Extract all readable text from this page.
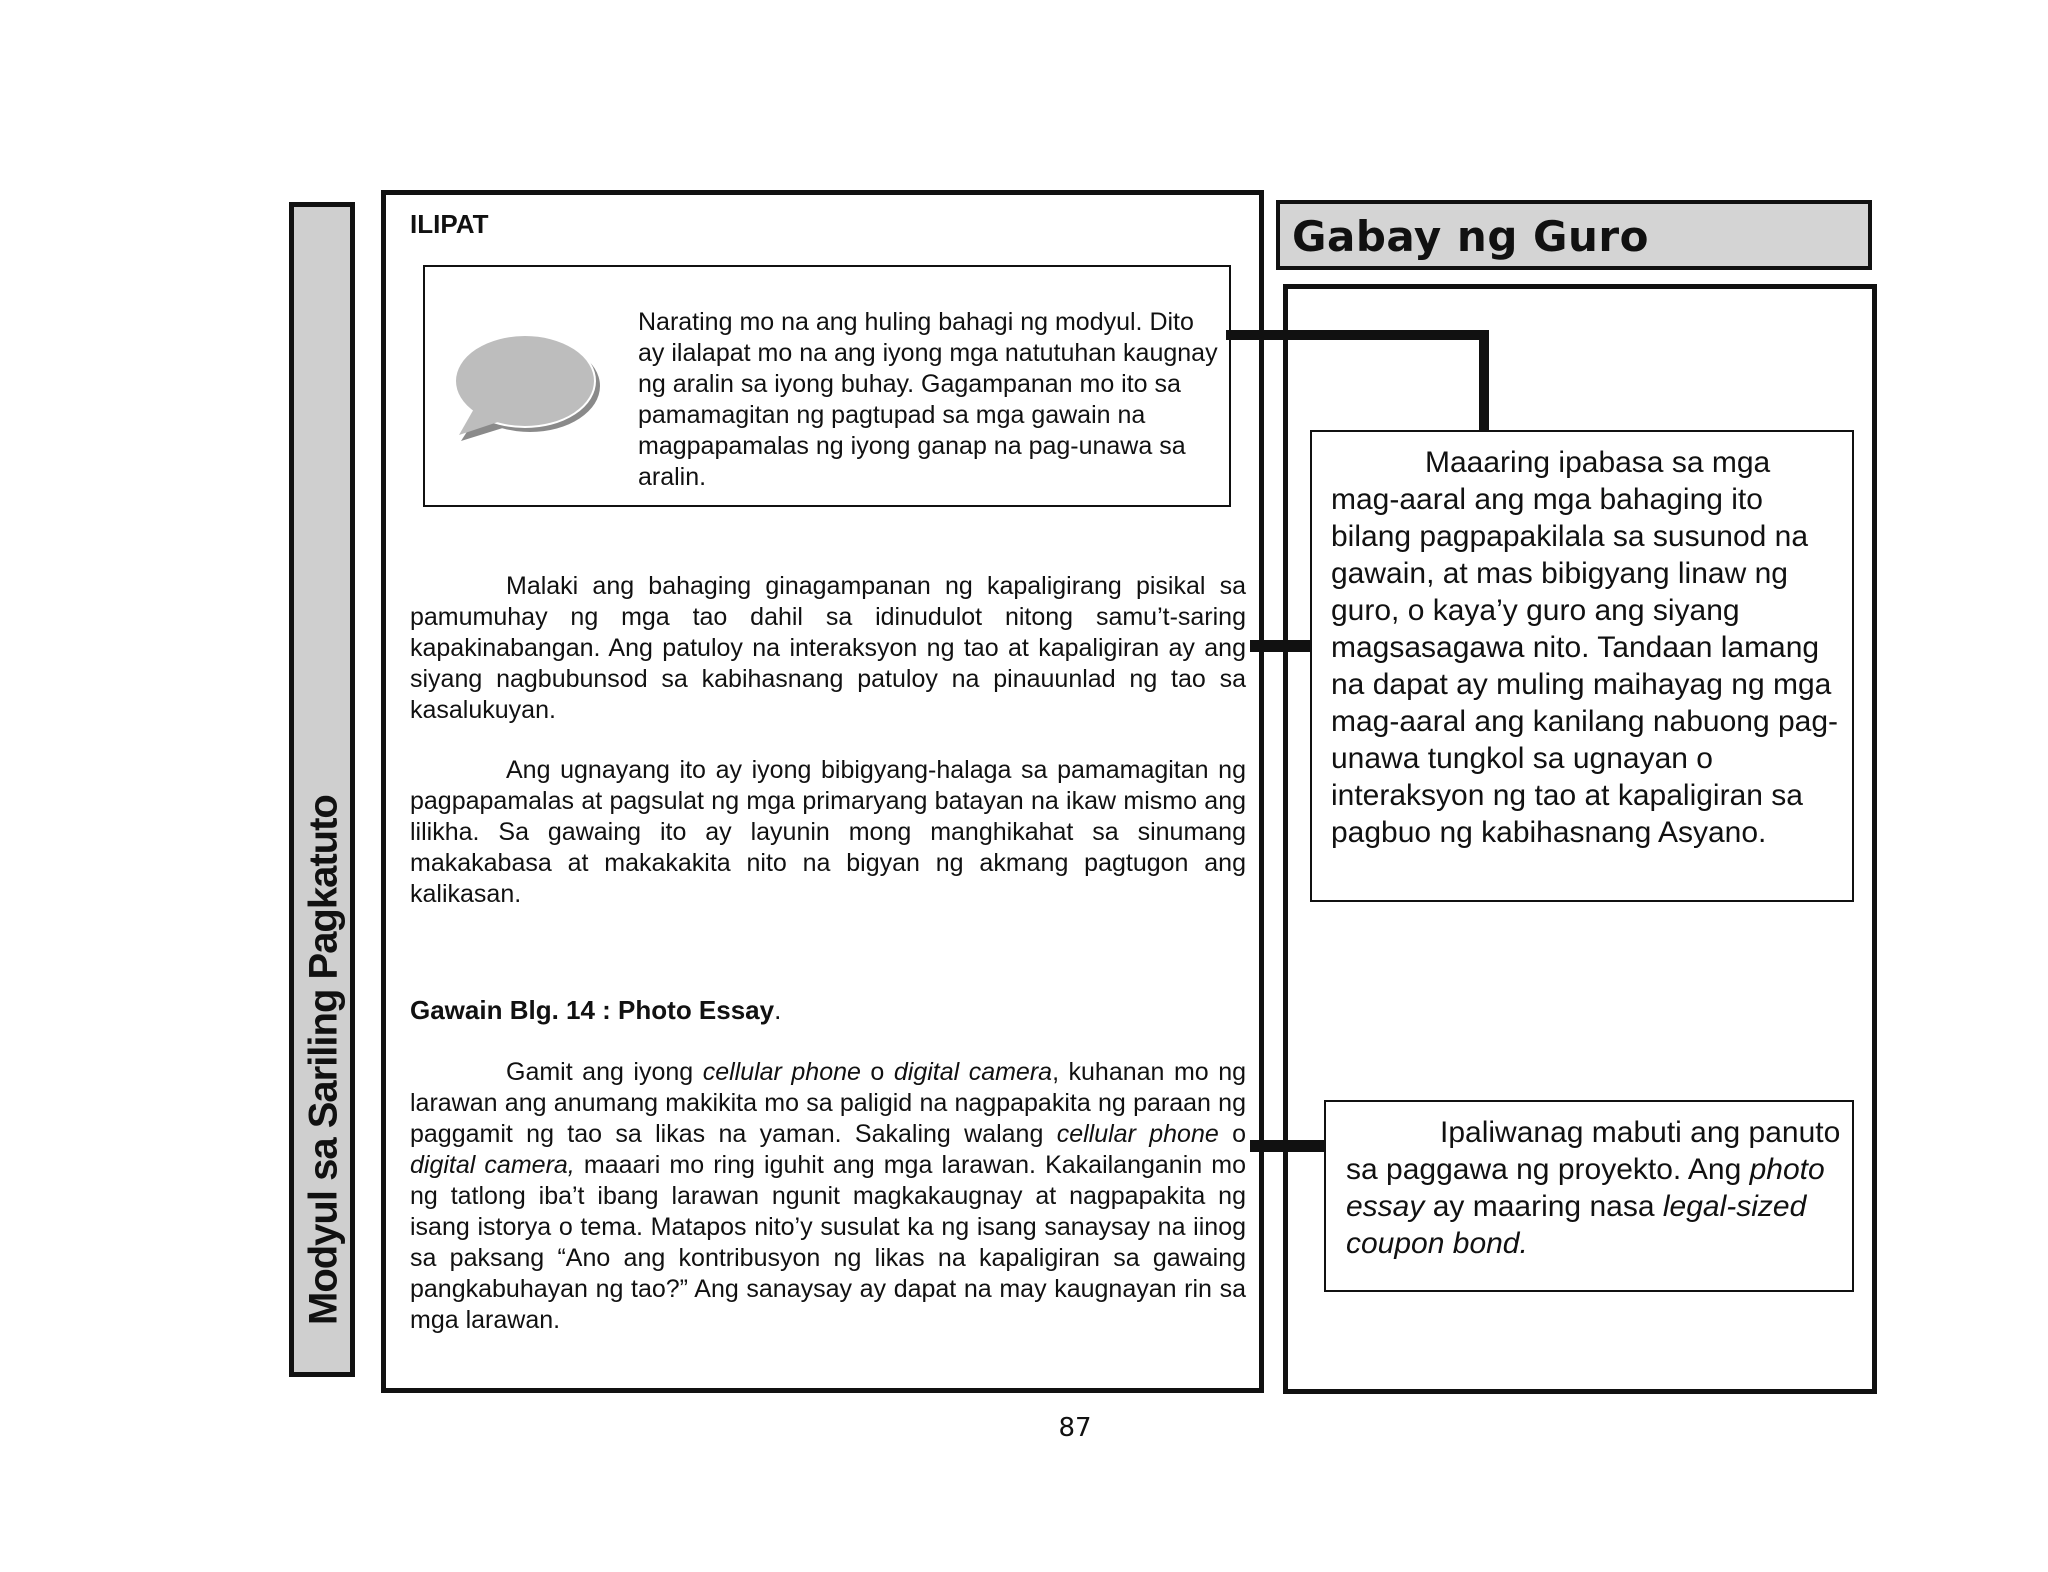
Modyul sa Sariling Pagkatuto
ILIPAT
Narating mo na ang huling bahagi ng modyul. Dito ay ilalapat mo na ang iyong mga natutuhan kaugnay ng aralin sa iyong buhay. Gagampanan mo ito sa pamamagitan ng pagtupad sa mga gawain na magpapamalas ng iyong ganap na pag-unawa sa aralin.

Malaki ang bahaging ginagampanan ng kapaligirang pisikal sa pamumuhay ng mga tao dahil sa idinudulot nitong samu’t-saring kapakinabangan. Ang patuloy na interaksyon ng tao at kapaligiran ay ang siyang nagbubunsod sa kabihasnang patuloy na pinauunlad ng tao sa kasalukuyan.

Ang ugnayang ito ay iyong bibigyang-halaga sa pamamagitan ng pagpapamalas at pagsulat ng mga primaryang batayan na ikaw mismo ang lilikha. Sa gawaing ito ay layunin mong manghikahat sa sinumang makakabasa at makakakita nito na bigyan ng akmang pagtugon ang kalikasan.

Gawain Blg. 14 : Photo Essay.

Gamit ang iyong cellular phone o digital camera, kuhanan mo ng larawan ang anumang makikita mo sa paligid na nagpapakita ng paraan ng paggamit ng tao sa likas na yaman. Sakaling walang cellular phone o digital camera, maaari mo ring iguhit ang mga larawan. Kakailanganin mo ng tatlong iba’t ibang larawan ngunit magkakaugnay at nagpapakita ng isang istorya o tema. Matapos nito’y susulat ka ng isang sanaysay na iinog sa paksang “Ano ang kontribusyon ng likas na kapaligiran sa gawaing pangkabuhayan ng tao?” Ang sanaysay ay dapat na may kaugnayan rin sa mga larawan.

Gabay ng Guro
Maaaring ipabasa sa mga mag-aaral ang mga bahaging ito bilang pagpapakilala sa susunod na gawain, at mas bibigyang linaw ng guro, o kaya’y guro ang siyang magsasagawa nito. Tandaan lamang na dapat ay muling maihayag ng mga mag-aaral ang kanilang nabuong pag-unawa tungkol sa ugnayan o interaksyon ng tao at kapaligiran sa pagbuo ng kabihasnang Asyano.
Ipaliwanag mabuti ang panuto sa paggawa ng proyekto. Ang photo essay ay maaring nasa legal-sized coupon bond.
87
